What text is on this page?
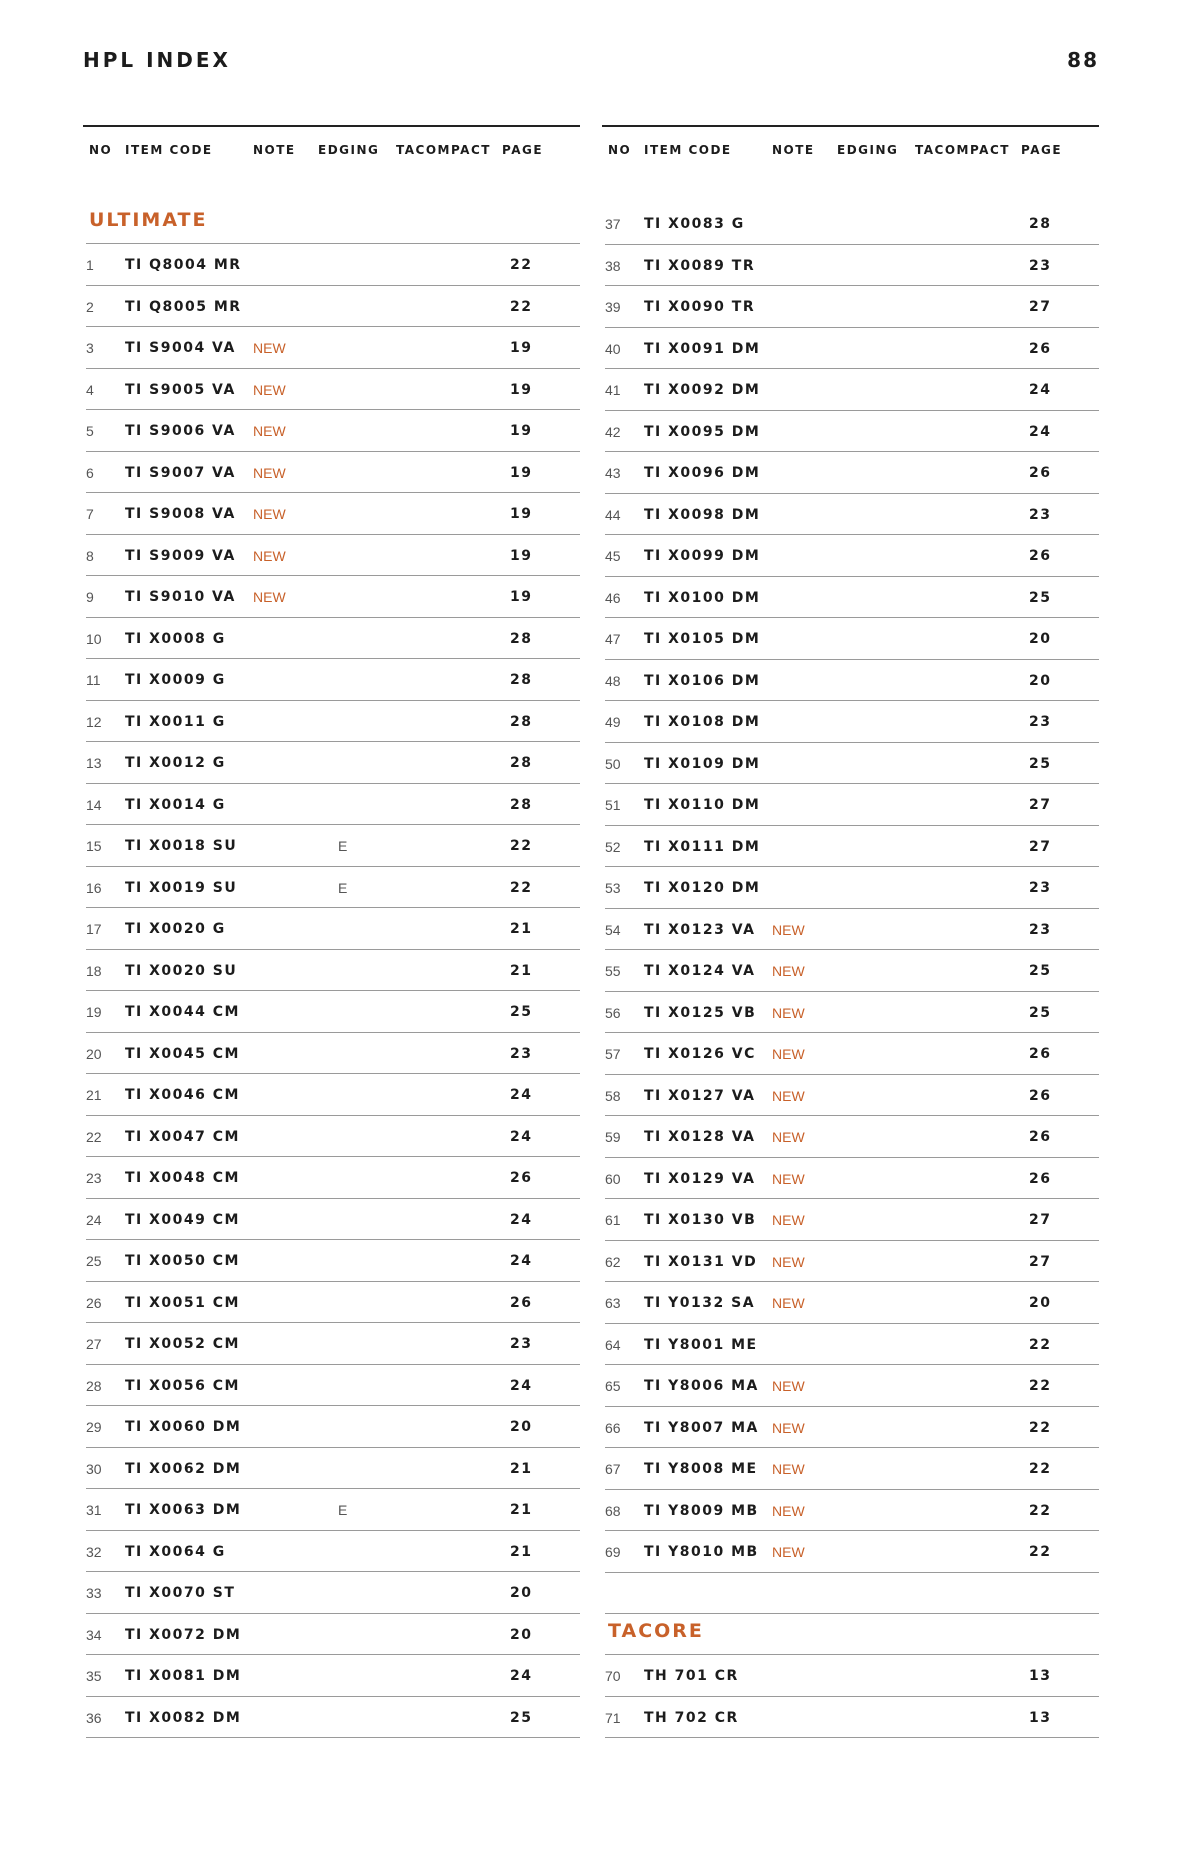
HPL INDEX	88
NO ITEM CODE	NOTE EDGING TACOMPACT PAGE
ULTIMATE
1 TI Q8004 MR	22
2 TI Q8005 MR	22
3 TI S9004 VA NEW	19
4 TI S9005 VA NEW	19
5 TI S9006 VA NEW	19
6 TI S9007 VA NEW	19
7 TI S9008 VA NEW	19
8 TI S9009 VA NEW	19
9 TI S9010 VA NEW	19
10 TI X0008 G	28
11 TI X0009 G	28
12 TI X0011 G	28
13 TI X0012 G	28
14 TI X0014 G	28
15 TI X0018 SU	E	22
16 TI X0019 SU	E	22
17 TI X0020 G	21
18 TI X0020 SU	21
19 TI X0044 CM	25
20 TI X0045 CM	23
21 TI X0046 CM	24
22 TI X0047 CM	24
23 TI X0048 CM	26
24 TI X0049 CM	24
25 TI X0050 CM	24
26 TI X0051 CM	26
27 TI X0052 CM	23
28 TI X0056 CM	24
29 TI X0060 DM	20
30 TI X0062 DM	21
31 TI X0063 DM	E	21
32 TI X0064 G	21
33 TI X0070 ST	20
34 TI X0072 DM	20
35 TI X0081 DM	24
36 TI X0082 DM	25
NO ITEM CODE	NOTE EDGING TACOMPACT PAGE
37 TI X0083 G	28
38 TI X0089 TR	23
39 TI X0090 TR	27
40 TI X0091 DM	26
41 TI X0092 DM	24
42 TI X0095 DM	24
43 TI X0096 DM	26
44 TI X0098 DM	23
45 TI X0099 DM	26
46 TI X0100 DM	25
47 TI X0105 DM	20
48 TI X0106 DM	20
49 TI X0108 DM	23
50 TI X0109 DM	25
51 TI X0110 DM	27
52 TI X0111 DM	27
53 TI X0120 DM	23
54 TI X0123 VA NEW	23
55 TI X0124 VA NEW	25
56 TI X0125 VB NEW	25
57 TI X0126 VC NEW	26
58 TI X0127 VA NEW	26
59 TI X0128 VA NEW	26
60 TI X0129 VA NEW	26
61 TI X0130 VB NEW	27
62 TI X0131 VD NEW	27
63 TI Y0132 SA NEW	20
64 TI Y8001 ME	22
65 TI Y8006 MA NEW	22
66 TI Y8007 MA NEW	22
67 TI Y8008 ME NEW	22
68 TI Y8009 MB NEW	22
69 TI Y8010 MB NEW	22
TACORE
70 TH 701 CR	13
71 TH 702 CR	13
